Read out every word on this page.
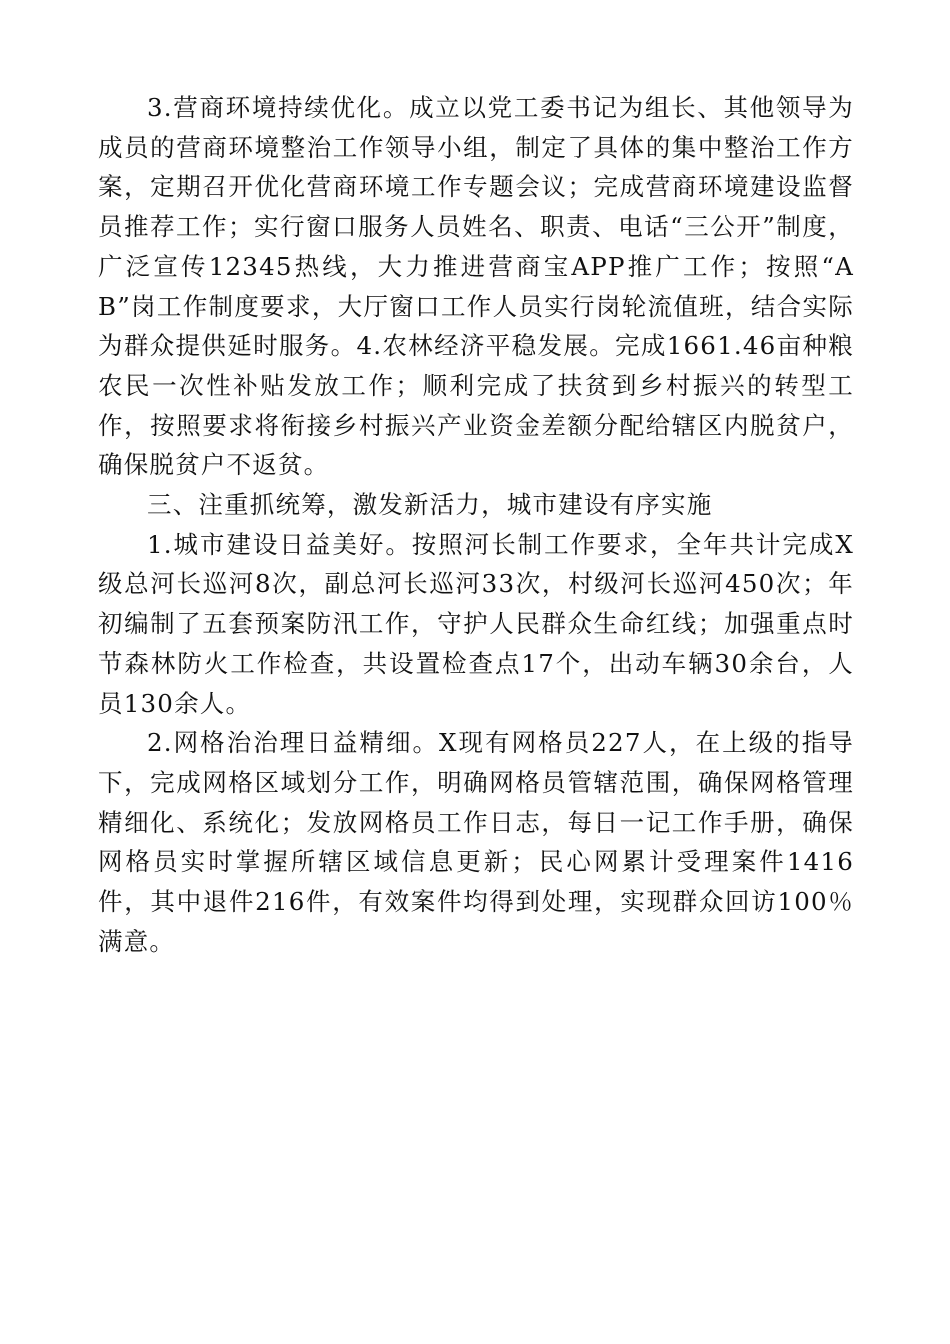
3.营商环境持续优化。成立以党工委书记为组长、其他领导为成员的营商环境整治工作领导小组，制定了具体的集中整治工作方案，定期召开优化营商环境工作专题会议；完成营商环境建设监督员推荐工作；实行窗口服务人员姓名、职责、电话“三公开”制度，广泛宣传12345热线，大力推进营商宝APP推广工作；按照“AB”岗工作制度要求，大厅窗口工作人员实行岗轮流值班，结合实际为群众提供延时服务。4.农林经济平稳发展。完成1661.46亩种粮农民一次性补贴发放工作；顺利完成了扶贫到乡村振兴的转型工作，按照要求将衔接乡村振兴产业资金差额分配给辖区内脱贫户，确保脱贫户不返贫。

三、注重抓统筹，激发新活力，城市建设有序实施

1.城市建设日益美好。按照河长制工作要求，全年共计完成X级总河长巡河8次，副总河长巡河33次，村级河长巡河450次；年初编制了五套预案防汛工作，守护人民群众生命红线；加强重点时节森林防火工作检查，共设置检查点17个，出动车辆30余台，人员130余人。

2.网格治治理日益精细。X现有网格员227人，在上级的指导下，完成网格区域划分工作，明确网格员管辖范围，确保网格管理精细化、系统化；发放网格员工作日志，每日一记工作手册，确保网格员实时掌握所辖区域信息更新；民心网累计受理案件1416件，其中退件216件，有效案件均得到处理，实现群众回访100％满意。
